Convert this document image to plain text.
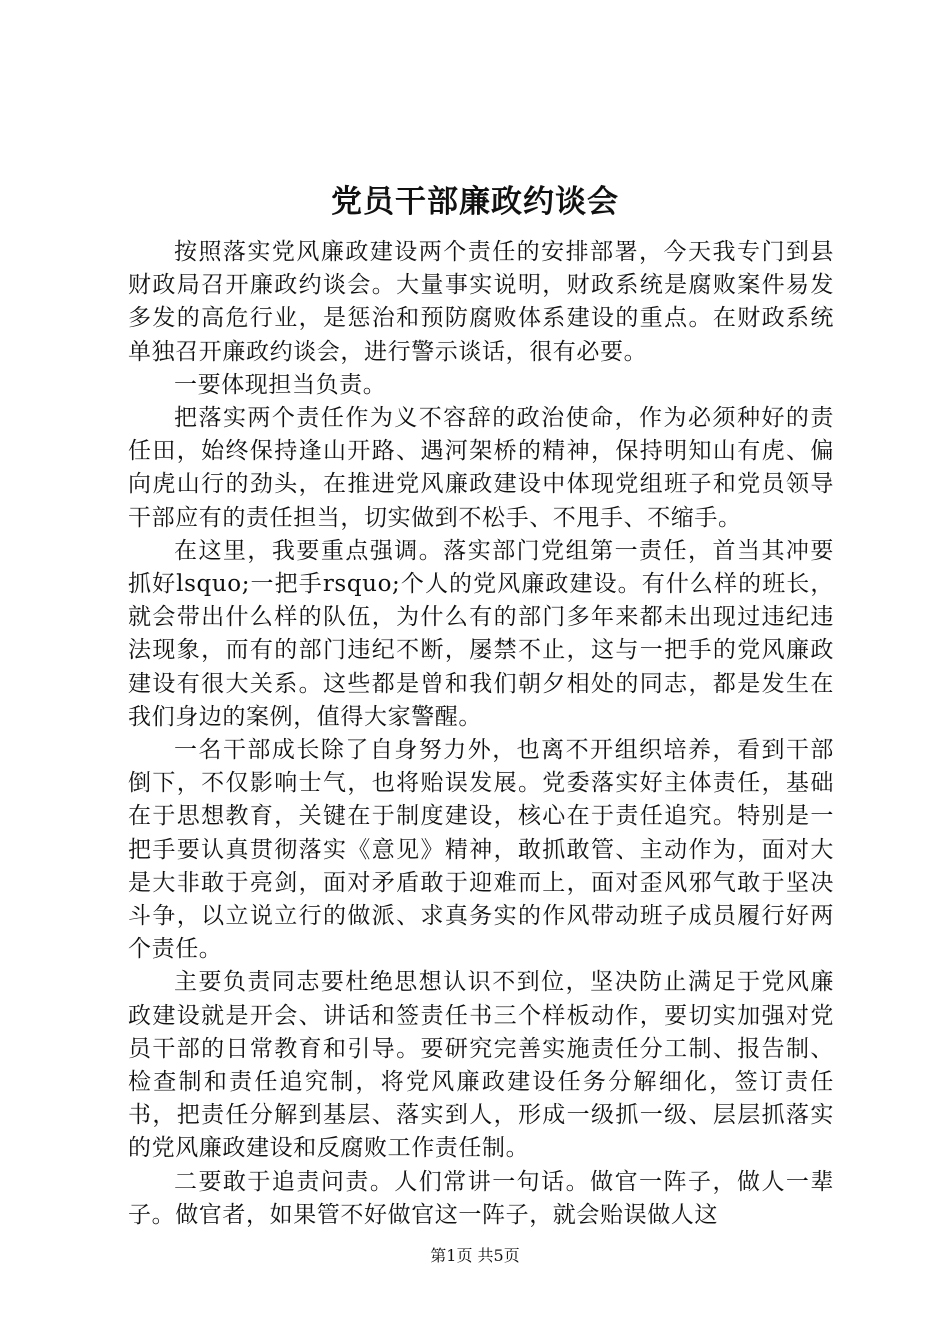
党员干部廉政约谈会

按照落实党风廉政建设两个责任的安排部署，今天我专门到县财政局召开廉政约谈会。大量事实说明，财政系统是腐败案件易发多发的高危行业，是惩治和预防腐败体系建设的重点。在财政系统单独召开廉政约谈会，进行警示谈话，很有必要。

一要体现担当负责。

把落实两个责任作为义不容辞的政治使命，作为必须种好的责任田，始终保持逢山开路、遇河架桥的精神，保持明知山有虎、偏向虎山行的劲头，在推进党风廉政建设中体现党组班子和党员领导干部应有的责任担当，切实做到不松手、不甩手、不缩手。

在这里，我要重点强调。落实部门党组第一责任，首当其冲要抓好lsquo;一把手rsquo;个人的党风廉政建设。有什么样的班长，就会带出什么样的队伍，为什么有的部门多年来都未出现过违纪违法现象，而有的部门违纪不断，屡禁不止，这与一把手的党风廉政建设有很大关系。这些都是曾和我们朝夕相处的同志，都是发生在我们身边的案例，值得大家警醒。

一名干部成长除了自身努力外，也离不开组织培养，看到干部倒下，不仅影响士气，也将贻误发展。党委落实好主体责任，基础在于思想教育，关键在于制度建设，核心在于责任追究。特别是一把手要认真贯彻落实《意见》精神，敢抓敢管、主动作为，面对大是大非敢于亮剑，面对矛盾敢于迎难而上，面对歪风邪气敢于坚决斗争，以立说立行的做派、求真务实的作风带动班子成员履行好两个责任。

主要负责同志要杜绝思想认识不到位，坚决防止满足于党风廉政建设就是开会、讲话和签责任书三个样板动作，要切实加强对党员干部的日常教育和引导。要研究完善实施责任分工制、报告制、检查制和责任追究制，将党风廉政建设任务分解细化，签订责任书，把责任分解到基层、落实到人，形成一级抓一级、层层抓落实的党风廉政建设和反腐败工作责任制。

二要敢于追责问责。人们常讲一句话。做官一阵子，做人一辈子。做官者，如果管不好做官这一阵子，就会贻误做人这

第1页 共5页
